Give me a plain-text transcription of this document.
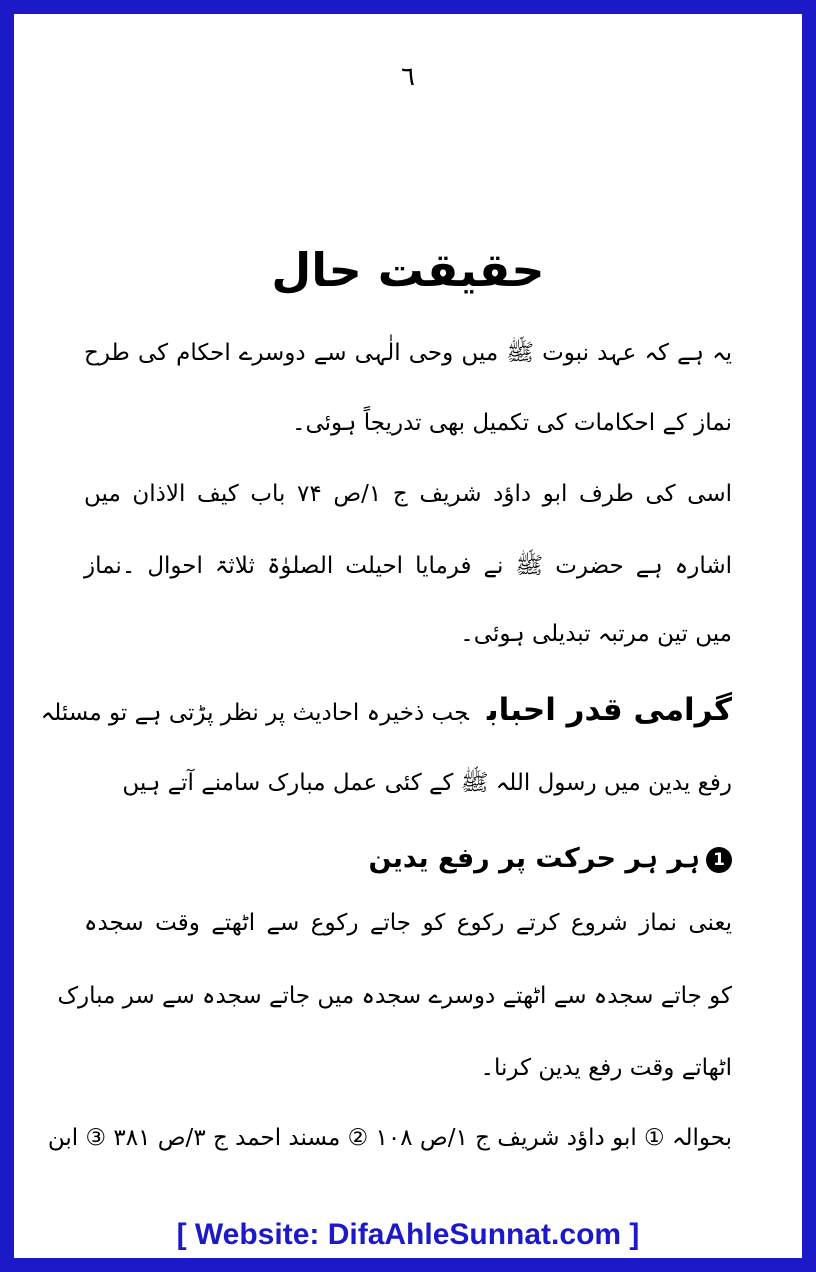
٦
حقیقت حال
یہ ہے کہ عہد نبوت ﷺ میں وحی الٰہی سے دوسرے احکام کی طرح
نماز کے احکامات کی تکمیل بھی تدریجاً ہوئی۔
اسی کی طرف ابو داؤد شریف ج ۱/ص ۷۴ باب کیف الاذان میں
اشارہ ہے حضرت ﷺ نے فرمایا احیلت الصلوٰۃ ثلاثۃ احوال ۔نماز
میں تین مرتبہ تبدیلی ہوئی۔
گرامی قدر احبابجب ذخیرہ احادیث پر نظر پڑتی ہے تو مسئلہ
رفع یدین میں رسول اللہ ﷺ کے کئی عمل مبارک سامنے آتے ہیں
1ہر ہر حرکت پر رفع یدین
یعنی نماز شروع کرتے رکوع کو جاتے رکوع سے اٹھتے وقت سجدہ
کو جاتے سجدہ سے اٹھتے دوسرے سجدہ میں جاتے سجدہ سے سر مبارک
اٹھاتے وقت رفع یدین کرنا۔
بحوالہ ① ابو داؤد شریف ج ۱/ص ۱۰۸ ② مسند احمد ج ۳/ص ۳۸۱ ③ ابن
[ Website: DifaAhleSunnat.com ]
